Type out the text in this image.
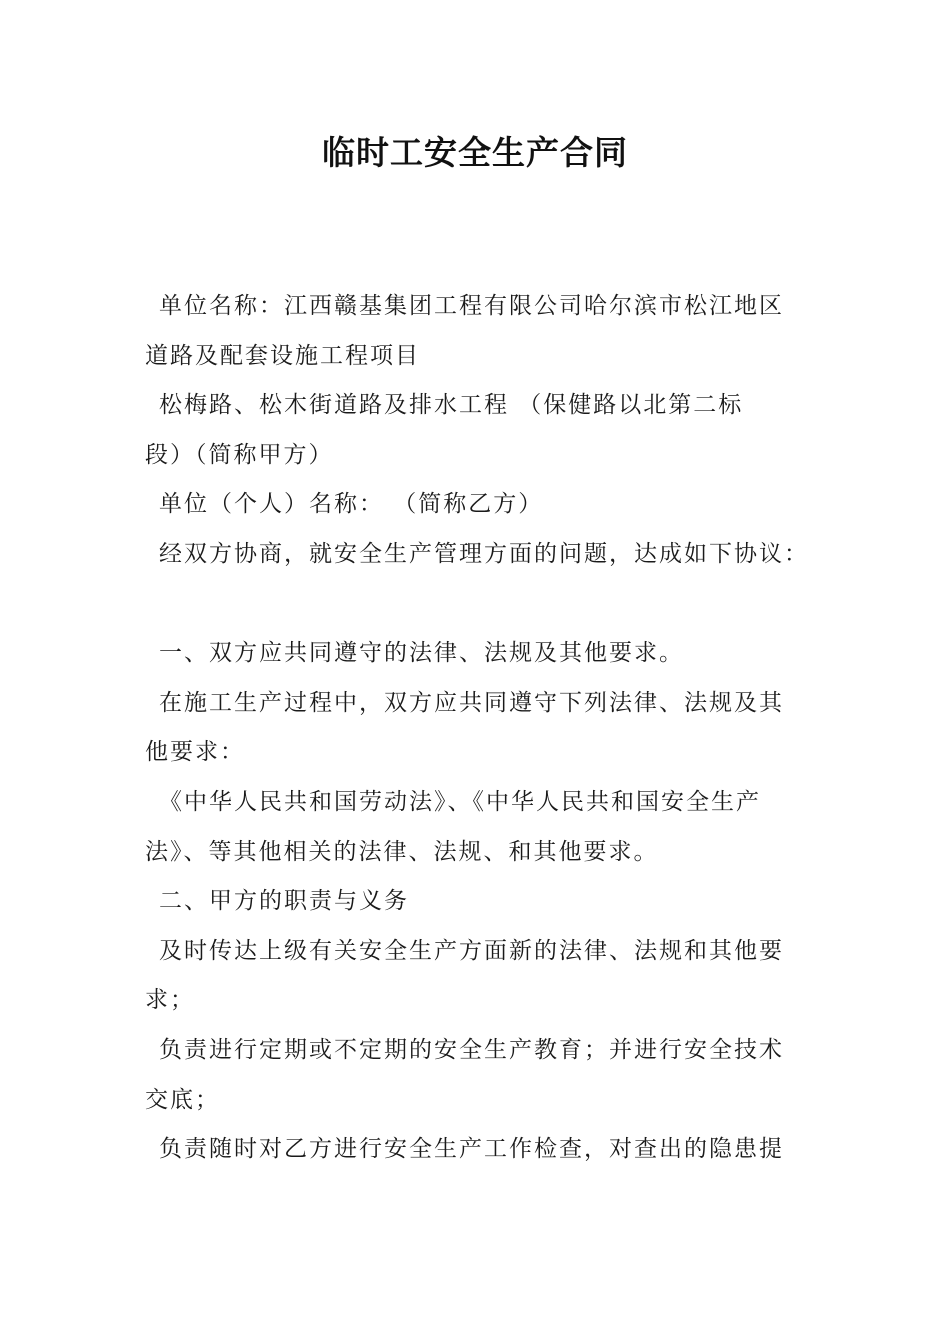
临时工安全生产合同
单位名称：江西赣基集团工程有限公司哈尔滨市松江地区
道路及配套设施工程项目
松梅路、松木街道路及排水工程 （保健路以北第二标
段）（简称甲方）
单位（个人）名称： （简称乙方）
经双方协商，就安全生产管理方面的问题，达成如下协议：
一、双方应共同遵守的法律、法规及其他要求。
在施工生产过程中，双方应共同遵守下列法律、法规及其
他要求：
《中华人民共和国劳动法》、《中华人民共和国安全生产
法》、等其他相关的法律、法规、和其他要求。
二、甲方的职责与义务
及时传达上级有关安全生产方面新的法律、法规和其他要
求；
负责进行定期或不定期的安全生产教育；并进行安全技术
交底；
负责随时对乙方进行安全生产工作检查，对查出的隐患提
